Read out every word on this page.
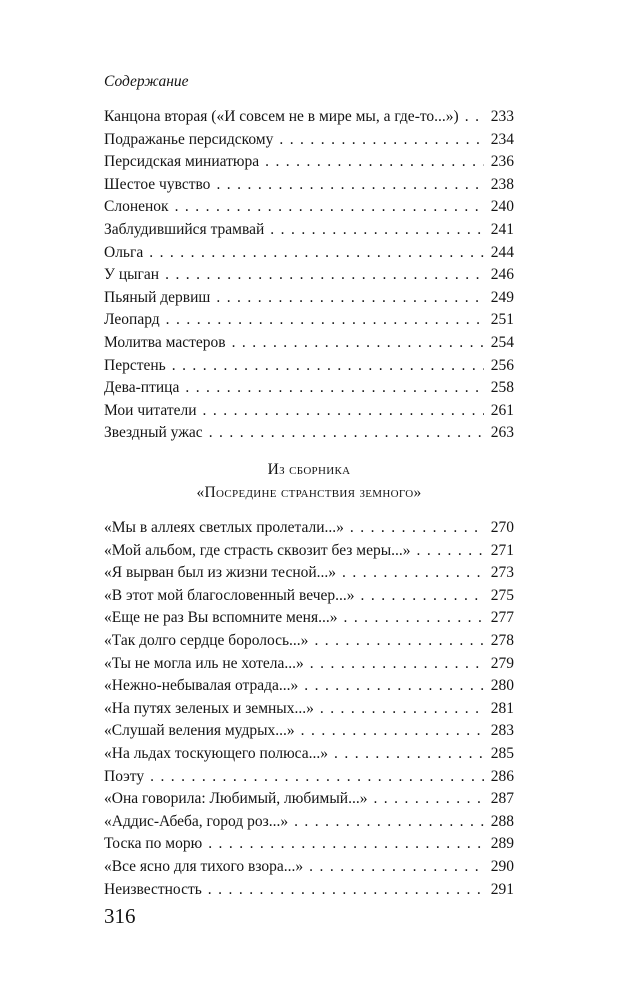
Содержание
Канцона вторая («И совсем не в мире мы, а где-то...») . . .	233
Подражанье персидскому . . .	234
Персидская миниатюра . . .	236
Шестое чувство . . .	238
Слоненок . . .	240
Заблудившийся трамвай . . .	241
Ольга . . .	244
У цыган . . .	246
Пьяный дервиш . . .	249
Леопард . . .	251
Молитва мастеров . . .	254
Перстень . . .	256
Дева-птица . . .	258
Мои читатели . . .	261
Звездный ужас . . .	263
Из сборника
«Посредине странствия земного»
«Мы в аллеях светлых пролетали...» . . .	270
«Мой альбом, где страсть сквозит без меры...» . . .	271
«Я вырван был из жизни тесной...» . . .	273
«В этот мой благословенный вечер...» . . .	275
«Еще не раз Вы вспомните меня...» . . .	277
«Так долго сердце боролось...» . . .	278
«Ты не могла иль не хотела...» . . .	279
«Нежно-небывалая отрада...» . . .	280
«На путях зеленых и земных...» . . .	281
«Слушай веления мудрых...» . . .	283
«На льдах тоскующего полюса...» . . .	285
Поэту . . .	286
«Она говорила: Любимый, любимый...» . . .	287
«Аддис-Абеба, город роз...» . . .	288
Тоска по морю . . .	289
«Все ясно для тихого взора...» . . .	290
Неизвестность . . .	291
316
